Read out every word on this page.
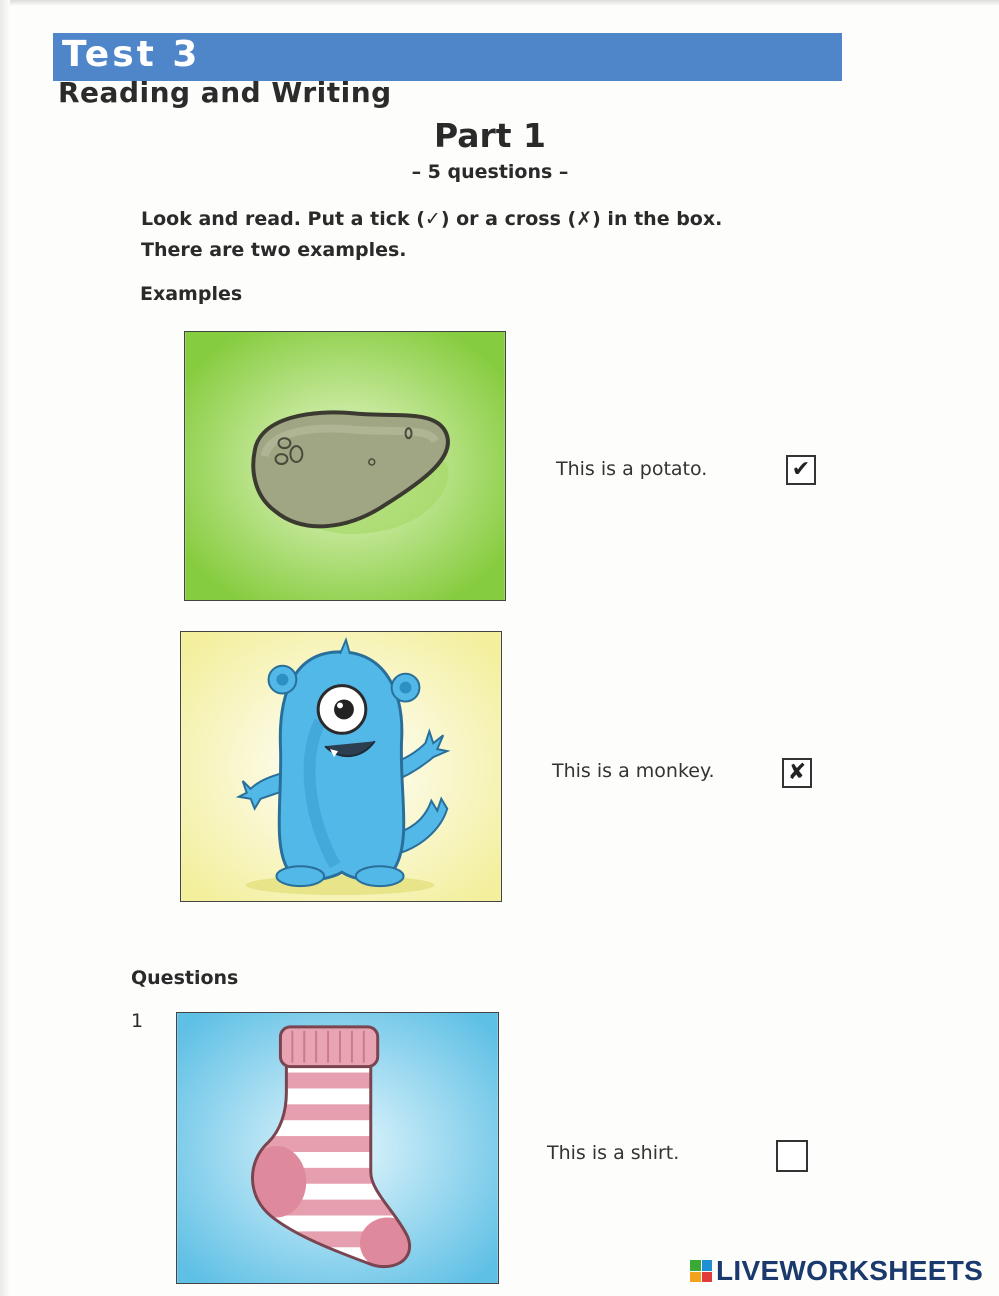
Test 3
Reading and Writing
Part 1
– 5 questions –
Look and read. Put a tick (✓) or a cross (✗) in the box.
There are two examples.
Examples
This is a potato.	✔
This is a monkey.	✘
Questions
1
This is a shirt.
LIVEWORKSHEETS
